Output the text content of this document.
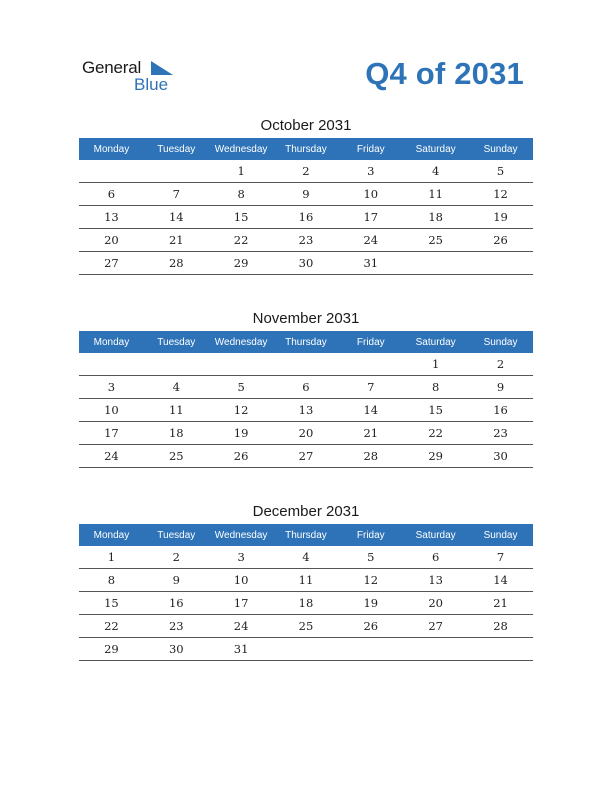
General
Blue	Q4 of 2031
October 2031
Monday	Tuesday	Wednesday	Thursday	Friday	Saturday	Sunday
		1	2	3	4	5
6	7	8	9	10	11	12
13	14	15	16	17	18	19
20	21	22	23	24	25	26
27	28	29	30	31		
November 2031
Monday	Tuesday	Wednesday	Thursday	Friday	Saturday	Sunday
					1	2
3	4	5	6	7	8	9
10	11	12	13	14	15	16
17	18	19	20	21	22	23
24	25	26	27	28	29	30
December 2031
Monday	Tuesday	Wednesday	Thursday	Friday	Saturday	Sunday
1	2	3	4	5	6	7
8	9	10	11	12	13	14
15	16	17	18	19	20	21
22	23	24	25	26	27	28
29	30	31				
